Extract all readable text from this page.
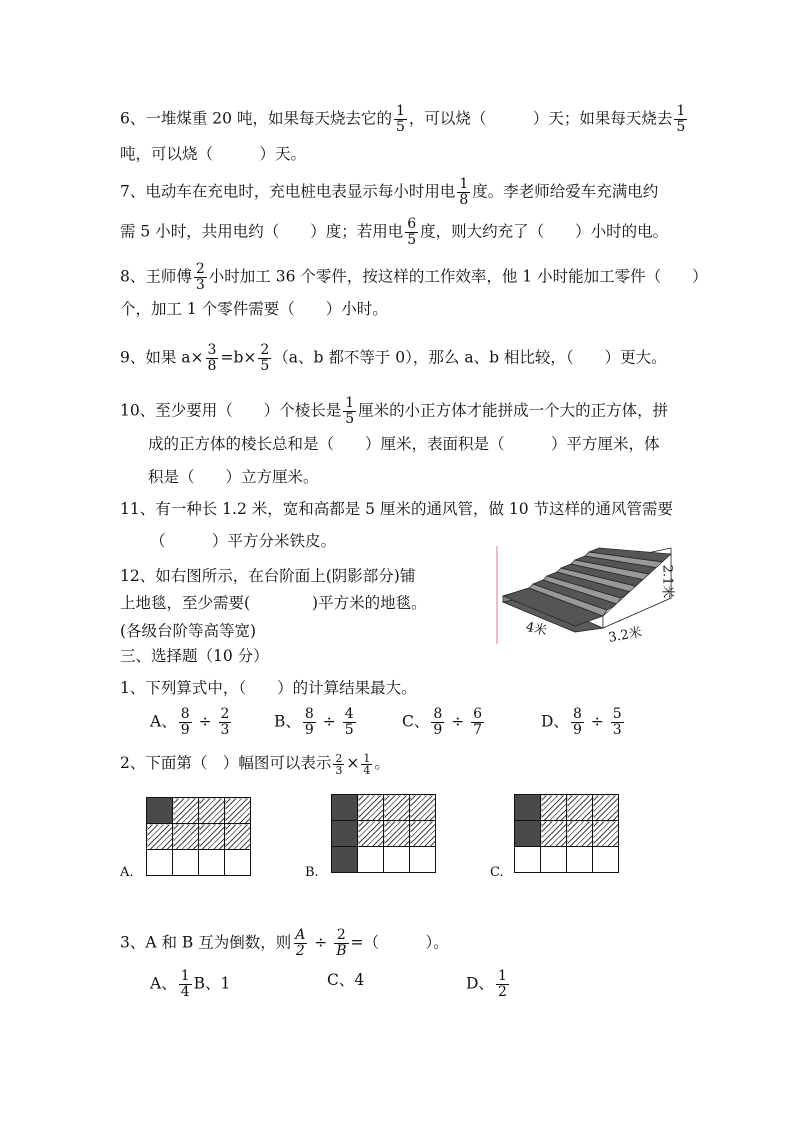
6、一堆煤重 20 吨，如果每天烧去它的 $\frac{1}{5}$ ，可以烧（　　　）天；如果每天烧去 $\frac{1}{5}$
吨，可以烧（　　　）天。
7、电动车在充电时，充电桩电表显示每小时用电 $\frac{1}{8}$ 度。李老师给爱车充满电约
需 5 小时，共用电约（　　）度；若用电 $\frac{6}{5}$ 度，则大约充了（　　）小时的电。
8、王师傅 $\frac{2}{3}$ 小时加工 36 个零件，按这样的工作效率，他 1 小时能加工零件（　　）
个，加工 1 个零件需要（　　）小时。
9、如果 $a\times \frac{3}{8} =b\times \frac{2}{5} (a$、b 都不等于 0），那么 a、b 相比较，（　　）更大。
10、至少要用（　　）个棱长是 $\frac{1}{5}$ 厘米的小正方体才能拼成一个大的正方体，拼
成的正方体的棱长总和是（　　）厘米，表面积是（　　　）平方厘米，体
积是（　　）立方厘米。
11、有一种长 1.2 米，宽和高都是 5 厘米的通风管，做 10 节这样的通风管需要
（　　　）平方分米铁皮。
12、如右图所示，在台阶面上(阴影部分)铺
上地毯，至少需要(　　　　)平方米的地毯。
(各级台阶等高等宽)
2.1米
4米	3.2米
三、选择题（10 分）
1、下列算式中，（　　）的计算结果最大。
A、 $\frac{8}{9} \div \frac{2}{3}$	B、 $\frac{8}{9} \div \frac{4}{5}$	C、 $\frac{8}{9} \div \frac{6}{7}$	D、 $\frac{8}{9} \div \frac{5}{3}$
2、下面第（　）幅图可以表示 $\frac{2}{3} \times \frac{1}{4}$ 。

A.

				B.

				C.
3、A 和 B 互为倒数，则 $\frac{A}{2} \div \frac{2}{B}$ =（　　　）。
A、 $\frac{1}{4}$ B、1	C、4	D、 $\frac{1}{2}$
